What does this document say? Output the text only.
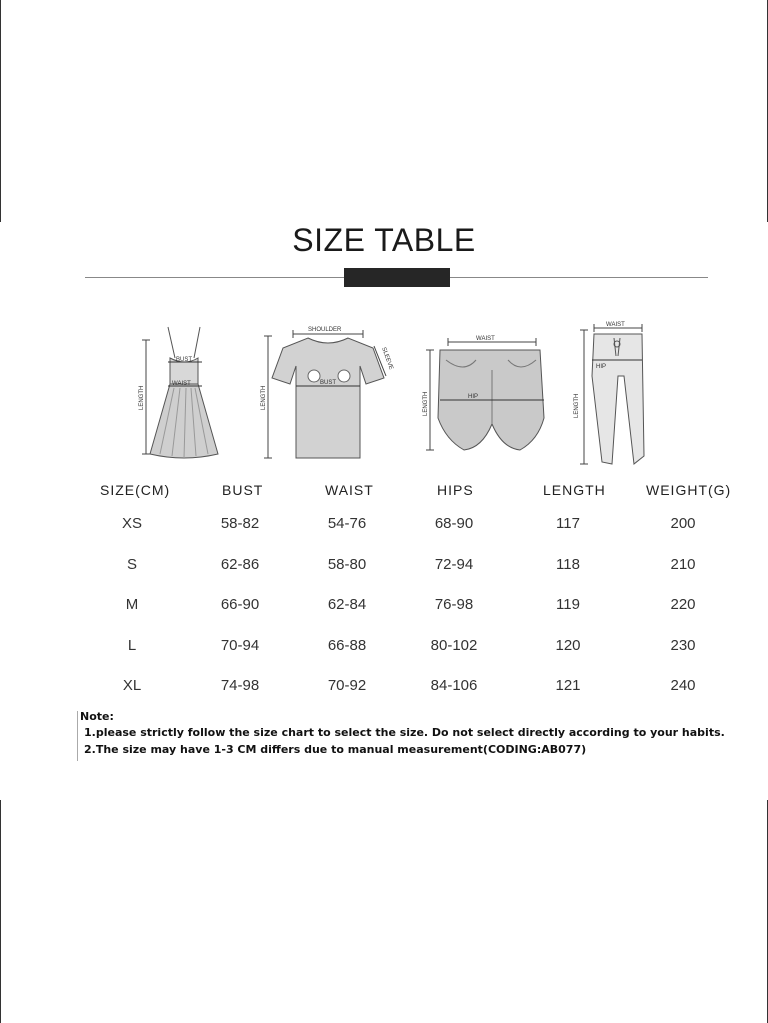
SIZE TABLE
BUST
WAIST
LENGTH
SHOULDER
BUST
SLEEVE
LENGTH
WAIST
HIP
LENGTH
WAIST
HIP
LENGTH
SIZE(CM)	BUST	WAIST	HIPS	LENGTH	WEIGHT(G)
XS	58-82	54-76	68-90	117	200
S	62-86	58-80	72-94	118	210
M	66-90	62-84	76-98	119	220
L	70-94	66-88	80-102	120	230
XL	74-98	70-92	84-106	121	240
Note:
1.please strictly follow the size chart to select the size. Do not select directly according to your habits.
2.The size may have 1-3 CM differs due to manual measurement(CODING:AB077)
